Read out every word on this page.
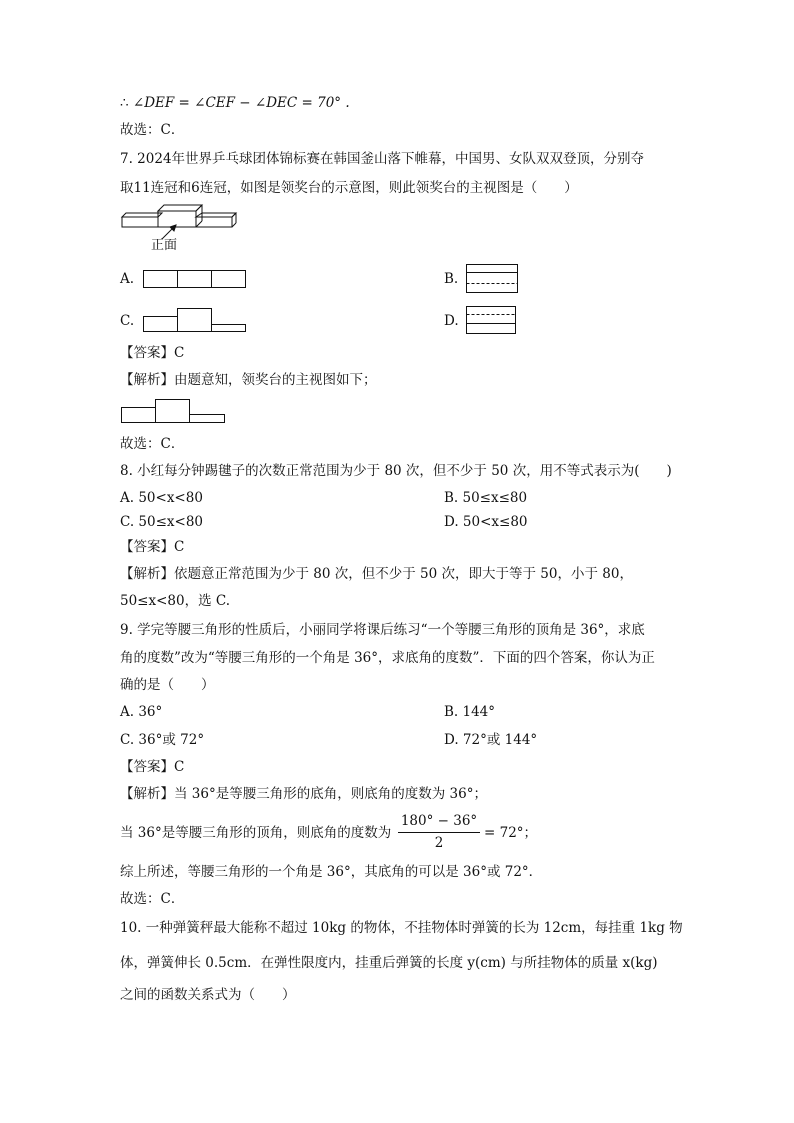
∴ ∠DEF = ∠CEF − ∠DEC = 70° .
故选：C．
7. 2024年世界乒乓球团体锦标赛在韩国釜山落下帷幕，中国男、女队双双登顶，分别夺
取11连冠和6连冠，如图是领奖台的示意图，则此领奖台的主视图是（　　）
正面
A.	B.
C.	D.
【答案】C
【解析】由题意知，领奖台的主视图如下；
故选：C．
8. 小红每分钟踢毽子的次数正常范围为少于 80 次，但不少于 50 次，用不等式表示为(　　)
A. 50<x<80	B. 50≤x≤80
C. 50≤x<80	D. 50<x≤80
【答案】C
【解析】依题意正常范围为少于 80 次，但不少于 50 次，即大于等于 50，小于 80，
50≤x<80，选 C.
9. 学完等腰三角形的性质后，小丽同学将课后练习“一个等腰三角形的顶角是 36°，求底
角的度数”改为“等腰三角形的一个角是 36°，求底角的度数”．下面的四个答案，你认为正
确的是（　　）
A. 36°	B. 144°
C. 36°或 72°	D. 72°或 144°
【答案】C
【解析】当 36°是等腰三角形的底角，则底角的度数为 36°；
当 36°是等腰三角形的顶角，则底角的度数为
180° − 36°
2
= 72°；
综上所述，等腰三角形的一个角是 36°，其底角的可以是 36°或 72°．
故选：C．
10. 一种弹簧秤最大能称不超过 10kg 的物体，不挂物体时弹簧的长为 12cm，每挂重 1kg 物
体，弹簧伸长 0.5cm．在弹性限度内，挂重后弹簧的长度 y(cm) 与所挂物体的质量 x(kg)
之间的函数关系式为（　　）
